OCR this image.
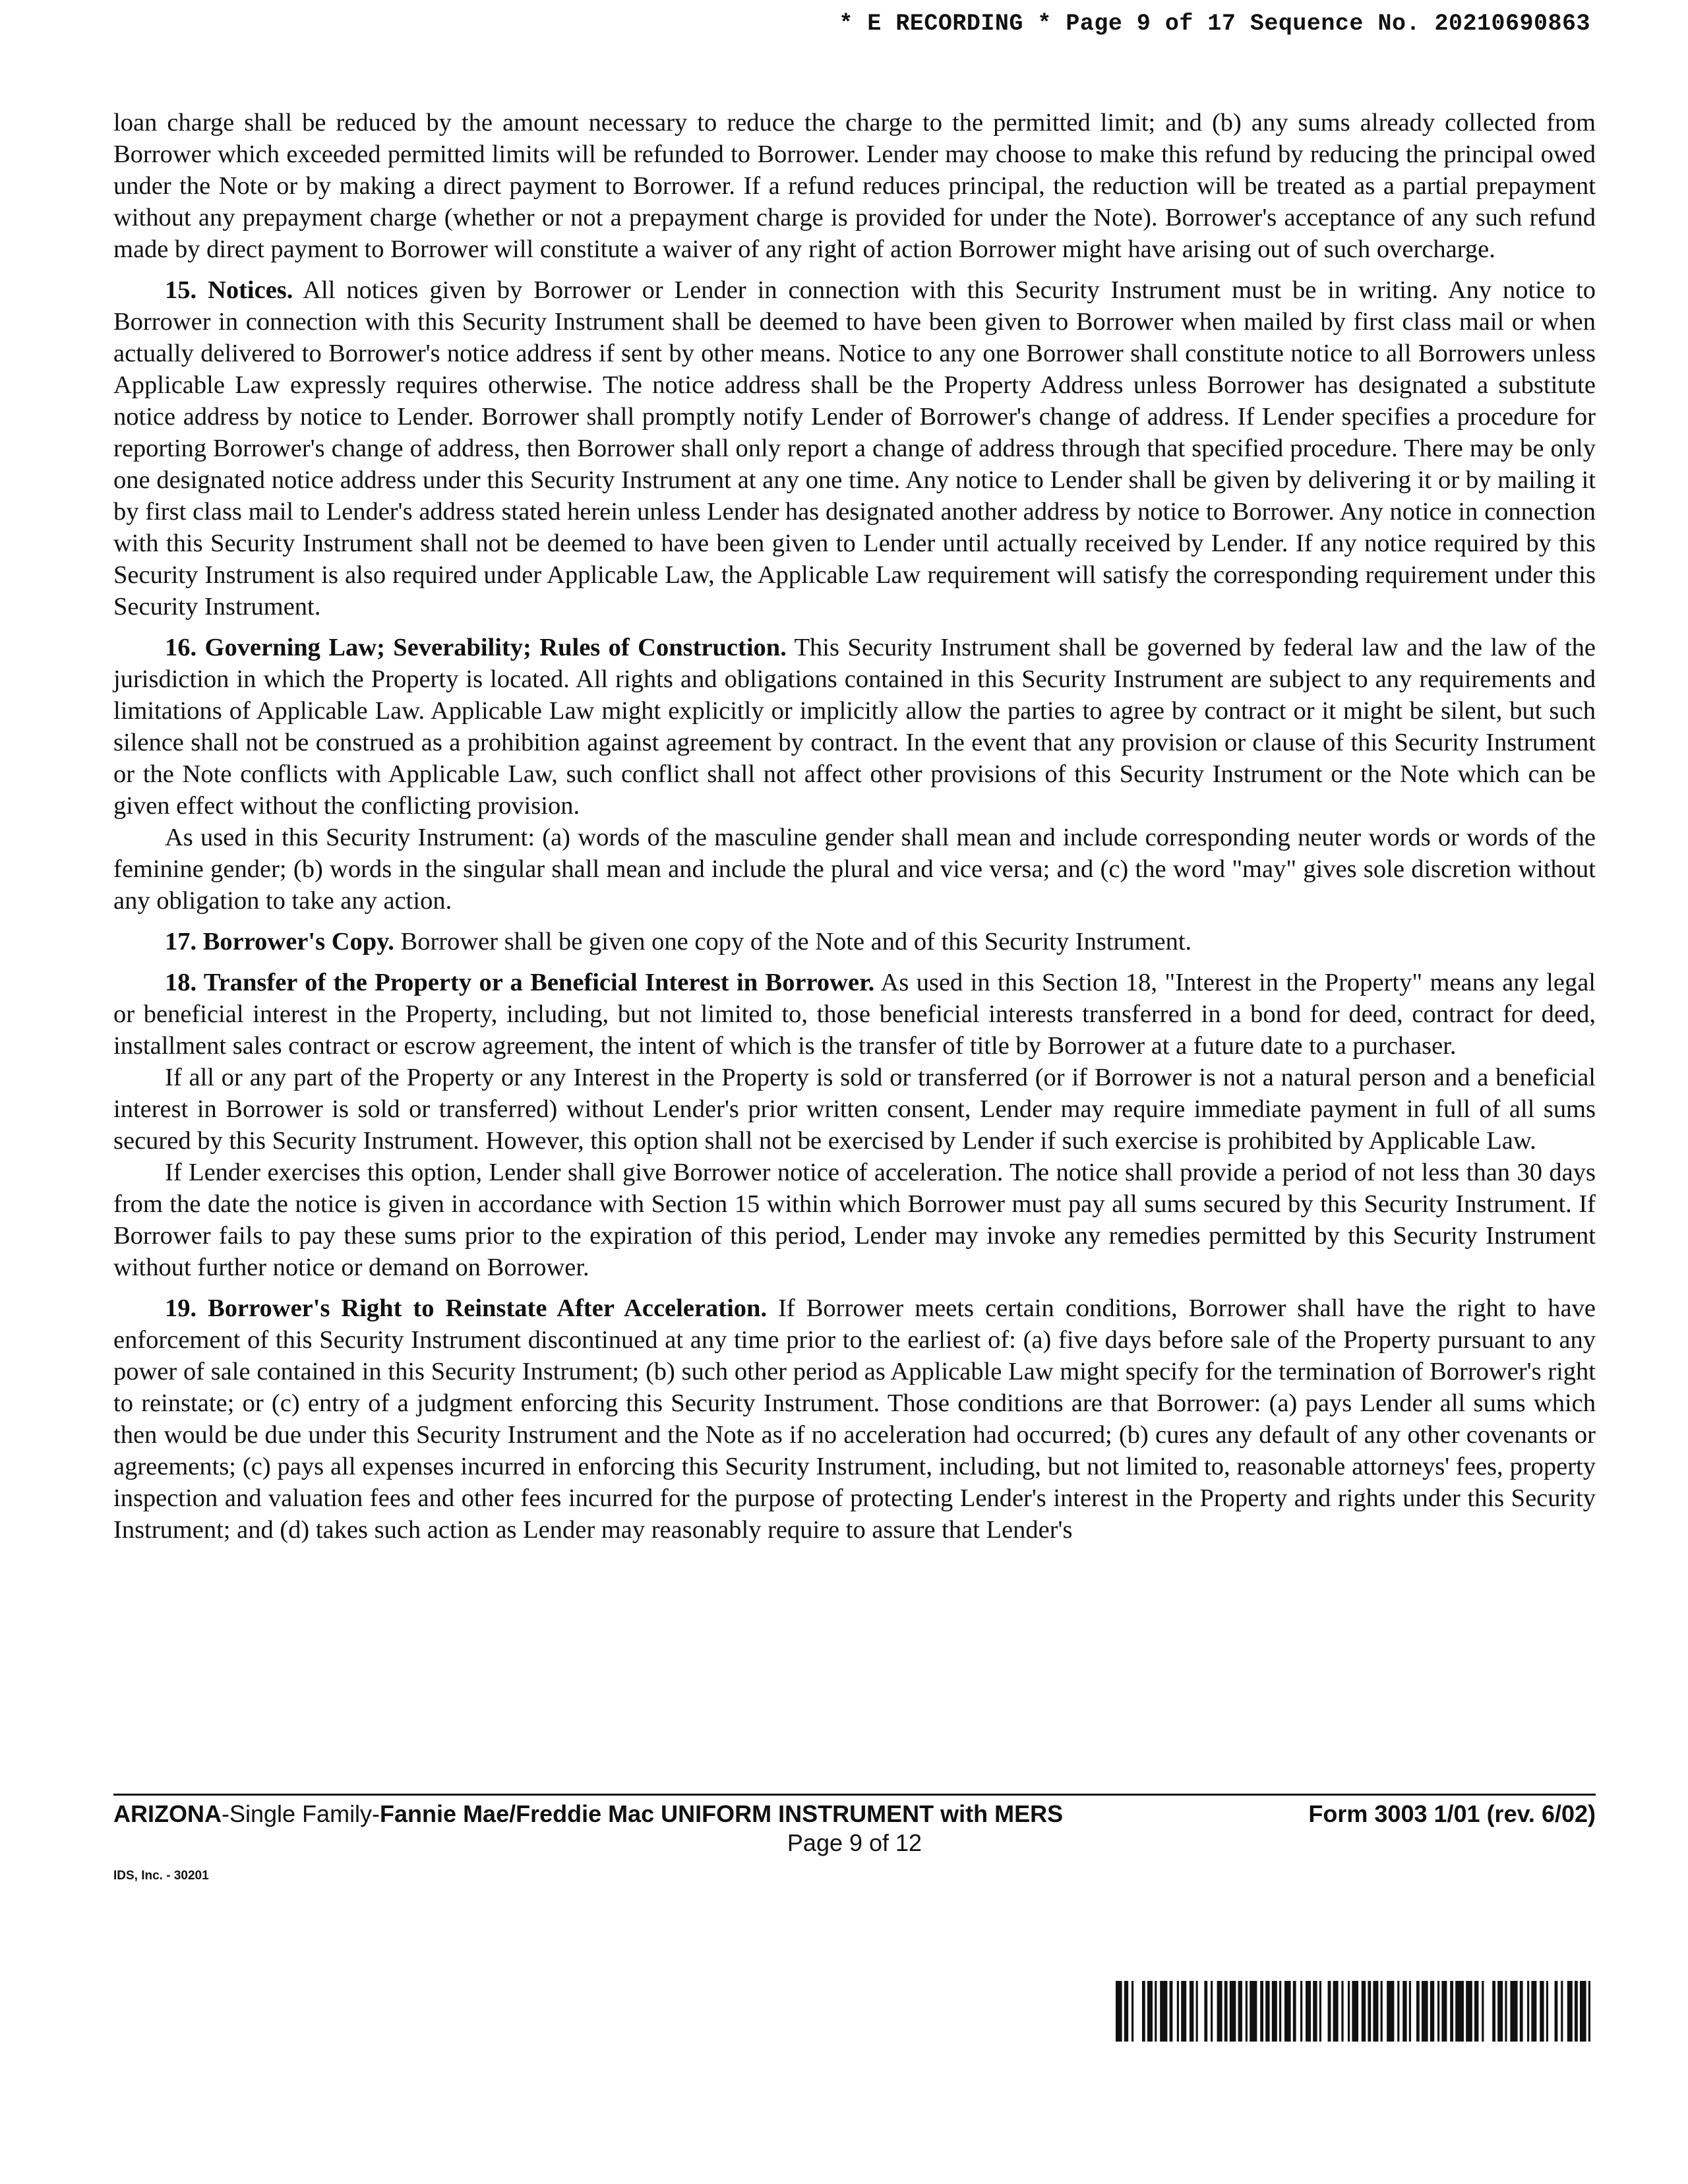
* E RECORDING * Page 9 of 17 Sequence No. 20210690863

loan charge shall be reduced by the amount necessary to reduce the charge to the permitted limit; and (b) any sums already collected from Borrower which exceeded permitted limits will be refunded to Borrower. Lender may choose to make this refund by reducing the principal owed under the Note or by making a direct payment to Borrower. If a refund reduces principal, the reduction will be treated as a partial prepayment without any prepayment charge (whether or not a prepayment charge is provided for under the Note). Borrower's acceptance of any such refund made by direct payment to Borrower will constitute a waiver of any right of action Borrower might have arising out of such overcharge.

15. Notices. All notices given by Borrower or Lender in connection with this Security Instrument must be in writing. Any notice to Borrower in connection with this Security Instrument shall be deemed to have been given to Borrower when mailed by first class mail or when actually delivered to Borrower's notice address if sent by other means. Notice to any one Borrower shall constitute notice to all Borrowers unless Applicable Law expressly requires otherwise. The notice address shall be the Property Address unless Borrower has designated a substitute notice address by notice to Lender. Borrower shall promptly notify Lender of Borrower's change of address. If Lender specifies a procedure for reporting Borrower's change of address, then Borrower shall only report a change of address through that specified procedure. There may be only one designated notice address under this Security Instrument at any one time. Any notice to Lender shall be given by delivering it or by mailing it by first class mail to Lender's address stated herein unless Lender has designated another address by notice to Borrower. Any notice in connection with this Security Instrument shall not be deemed to have been given to Lender until actually received by Lender. If any notice required by this Security Instrument is also required under Applicable Law, the Applicable Law requirement will satisfy the corresponding requirement under this Security Instrument.

16. Governing Law; Severability; Rules of Construction. This Security Instrument shall be governed by federal law and the law of the jurisdiction in which the Property is located. All rights and obligations contained in this Security Instrument are subject to any requirements and limitations of Applicable Law. Applicable Law might explicitly or implicitly allow the parties to agree by contract or it might be silent, but such silence shall not be construed as a prohibition against agreement by contract. In the event that any provision or clause of this Security Instrument or the Note conflicts with Applicable Law, such conflict shall not affect other provisions of this Security Instrument or the Note which can be given effect without the conflicting provision.

As used in this Security Instrument: (a) words of the masculine gender shall mean and include corresponding neuter words or words of the feminine gender; (b) words in the singular shall mean and include the plural and vice versa; and (c) the word "may" gives sole discretion without any obligation to take any action.

17. Borrower's Copy. Borrower shall be given one copy of the Note and of this Security Instrument.

18. Transfer of the Property or a Beneficial Interest in Borrower. As used in this Section 18, "Interest in the Property" means any legal or beneficial interest in the Property, including, but not limited to, those beneficial interests transferred in a bond for deed, contract for deed, installment sales contract or escrow agreement, the intent of which is the transfer of title by Borrower at a future date to a purchaser.

If all or any part of the Property or any Interest in the Property is sold or transferred (or if Borrower is not a natural person and a beneficial interest in Borrower is sold or transferred) without Lender's prior written consent, Lender may require immediate payment in full of all sums secured by this Security Instrument. However, this option shall not be exercised by Lender if such exercise is prohibited by Applicable Law.

If Lender exercises this option, Lender shall give Borrower notice of acceleration. The notice shall provide a period of not less than 30 days from the date the notice is given in accordance with Section 15 within which Borrower must pay all sums secured by this Security Instrument. If Borrower fails to pay these sums prior to the expiration of this period, Lender may invoke any remedies permitted by this Security Instrument without further notice or demand on Borrower.

19. Borrower's Right to Reinstate After Acceleration. If Borrower meets certain conditions, Borrower shall have the right to have enforcement of this Security Instrument discontinued at any time prior to the earliest of: (a) five days before sale of the Property pursuant to any power of sale contained in this Security Instrument; (b) such other period as Applicable Law might specify for the termination of Borrower's right to reinstate; or (c) entry of a judgment enforcing this Security Instrument. Those conditions are that Borrower: (a) pays Lender all sums which then would be due under this Security Instrument and the Note as if no acceleration had occurred; (b) cures any default of any other covenants or agreements; (c) pays all expenses incurred in enforcing this Security Instrument, including, but not limited to, reasonable attorneys' fees, property inspection and valuation fees and other fees incurred for the purpose of protecting Lender's interest in the Property and rights under this Security Instrument; and (d) takes such action as Lender may reasonably require to assure that Lender's

ARIZONA-Single Family-Fannie Mae/Freddie Mac UNIFORM INSTRUMENT with MERS	Form 3003 1/01 (rev. 6/02)
Page 9 of 12
IDS, Inc. - 30201
